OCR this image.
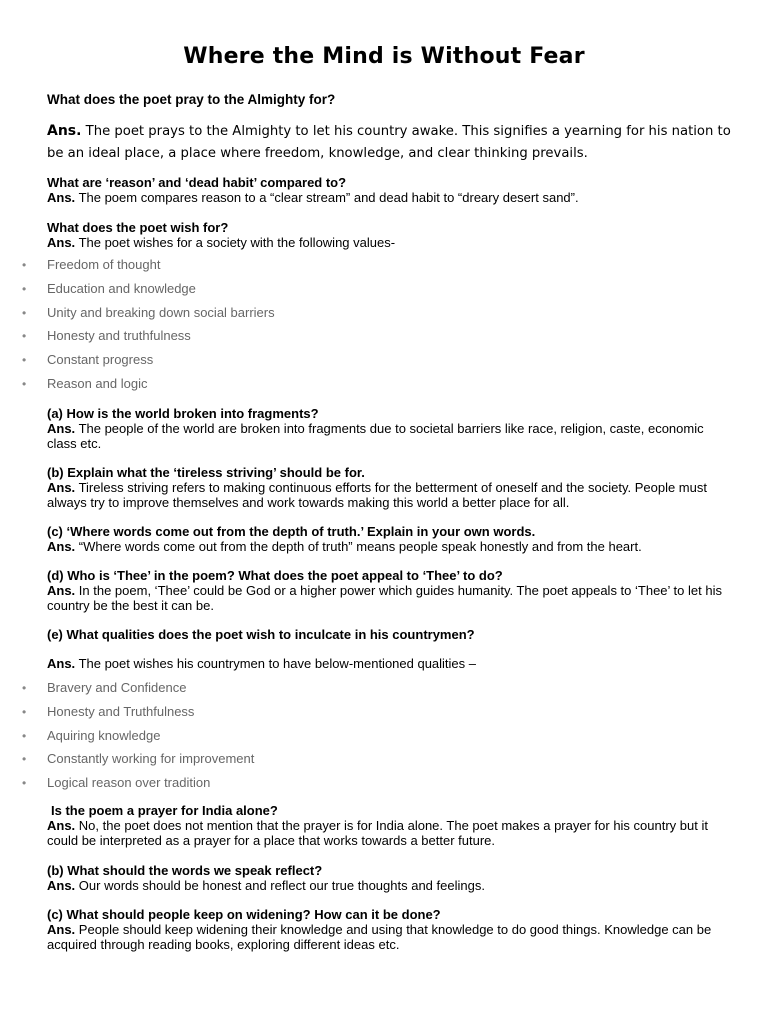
Where the Mind is Without Fear
What does the poet pray to the Almighty for?
Ans. The poet prays to the Almighty to let his country awake. This signifies a yearning for his nation to be an ideal place, a place where freedom, knowledge, and clear thinking prevails.
What are ‘reason’ and ‘dead habit’ compared to?
Ans. The poem compares reason to a “clear stream” and dead habit to “dreary desert sand”.
What does the poet wish for?
Ans. The poet wishes for a society with the following values-
• Freedom of thought
• Education and knowledge
• Unity and breaking down social barriers
• Honesty and truthfulness
• Constant progress
• Reason and logic
(a) How is the world broken into fragments?
Ans. The people of the world are broken into fragments due to societal barriers like race, religion, caste, economic class etc.
(b) Explain what the ‘tireless striving’ should be for.
Ans. Tireless striving refers to making continuous efforts for the betterment of oneself and the society. People must always try to improve themselves and work towards making this world a better place for all.
(c) ‘Where words come out from the depth of truth.’ Explain in your own words.
Ans. “Where words come out from the depth of truth” means people speak honestly and from the heart.
(d) Who is ‘Thee’ in the poem? What does the poet appeal to ‘Thee’ to do?
Ans. In the poem, ‘Thee’ could be God or a higher power which guides humanity. The poet appeals to ‘Thee’ to let his country be the best it can be.
(e) What qualities does the poet wish to inculcate in his countrymen?
Ans. The poet wishes his countrymen to have below-mentioned qualities –
• Bravery and Confidence
• Honesty and Truthfulness
• Aquiring knowledge
• Constantly working for improvement
• Logical reason over tradition
Is the poem a prayer for India alone?
Ans. No, the poet does not mention that the prayer is for India alone. The poet makes a prayer for his country but it could be interpreted as a prayer for a place that works towards a better future.
(b) What should the words we speak reflect?
Ans. Our words should be honest and reflect our true thoughts and feelings.
(c) What should people keep on widening? How can it be done?
Ans. People should keep widening their knowledge and using that knowledge to do good things. Knowledge can be acquired through reading books, exploring different ideas etc.
